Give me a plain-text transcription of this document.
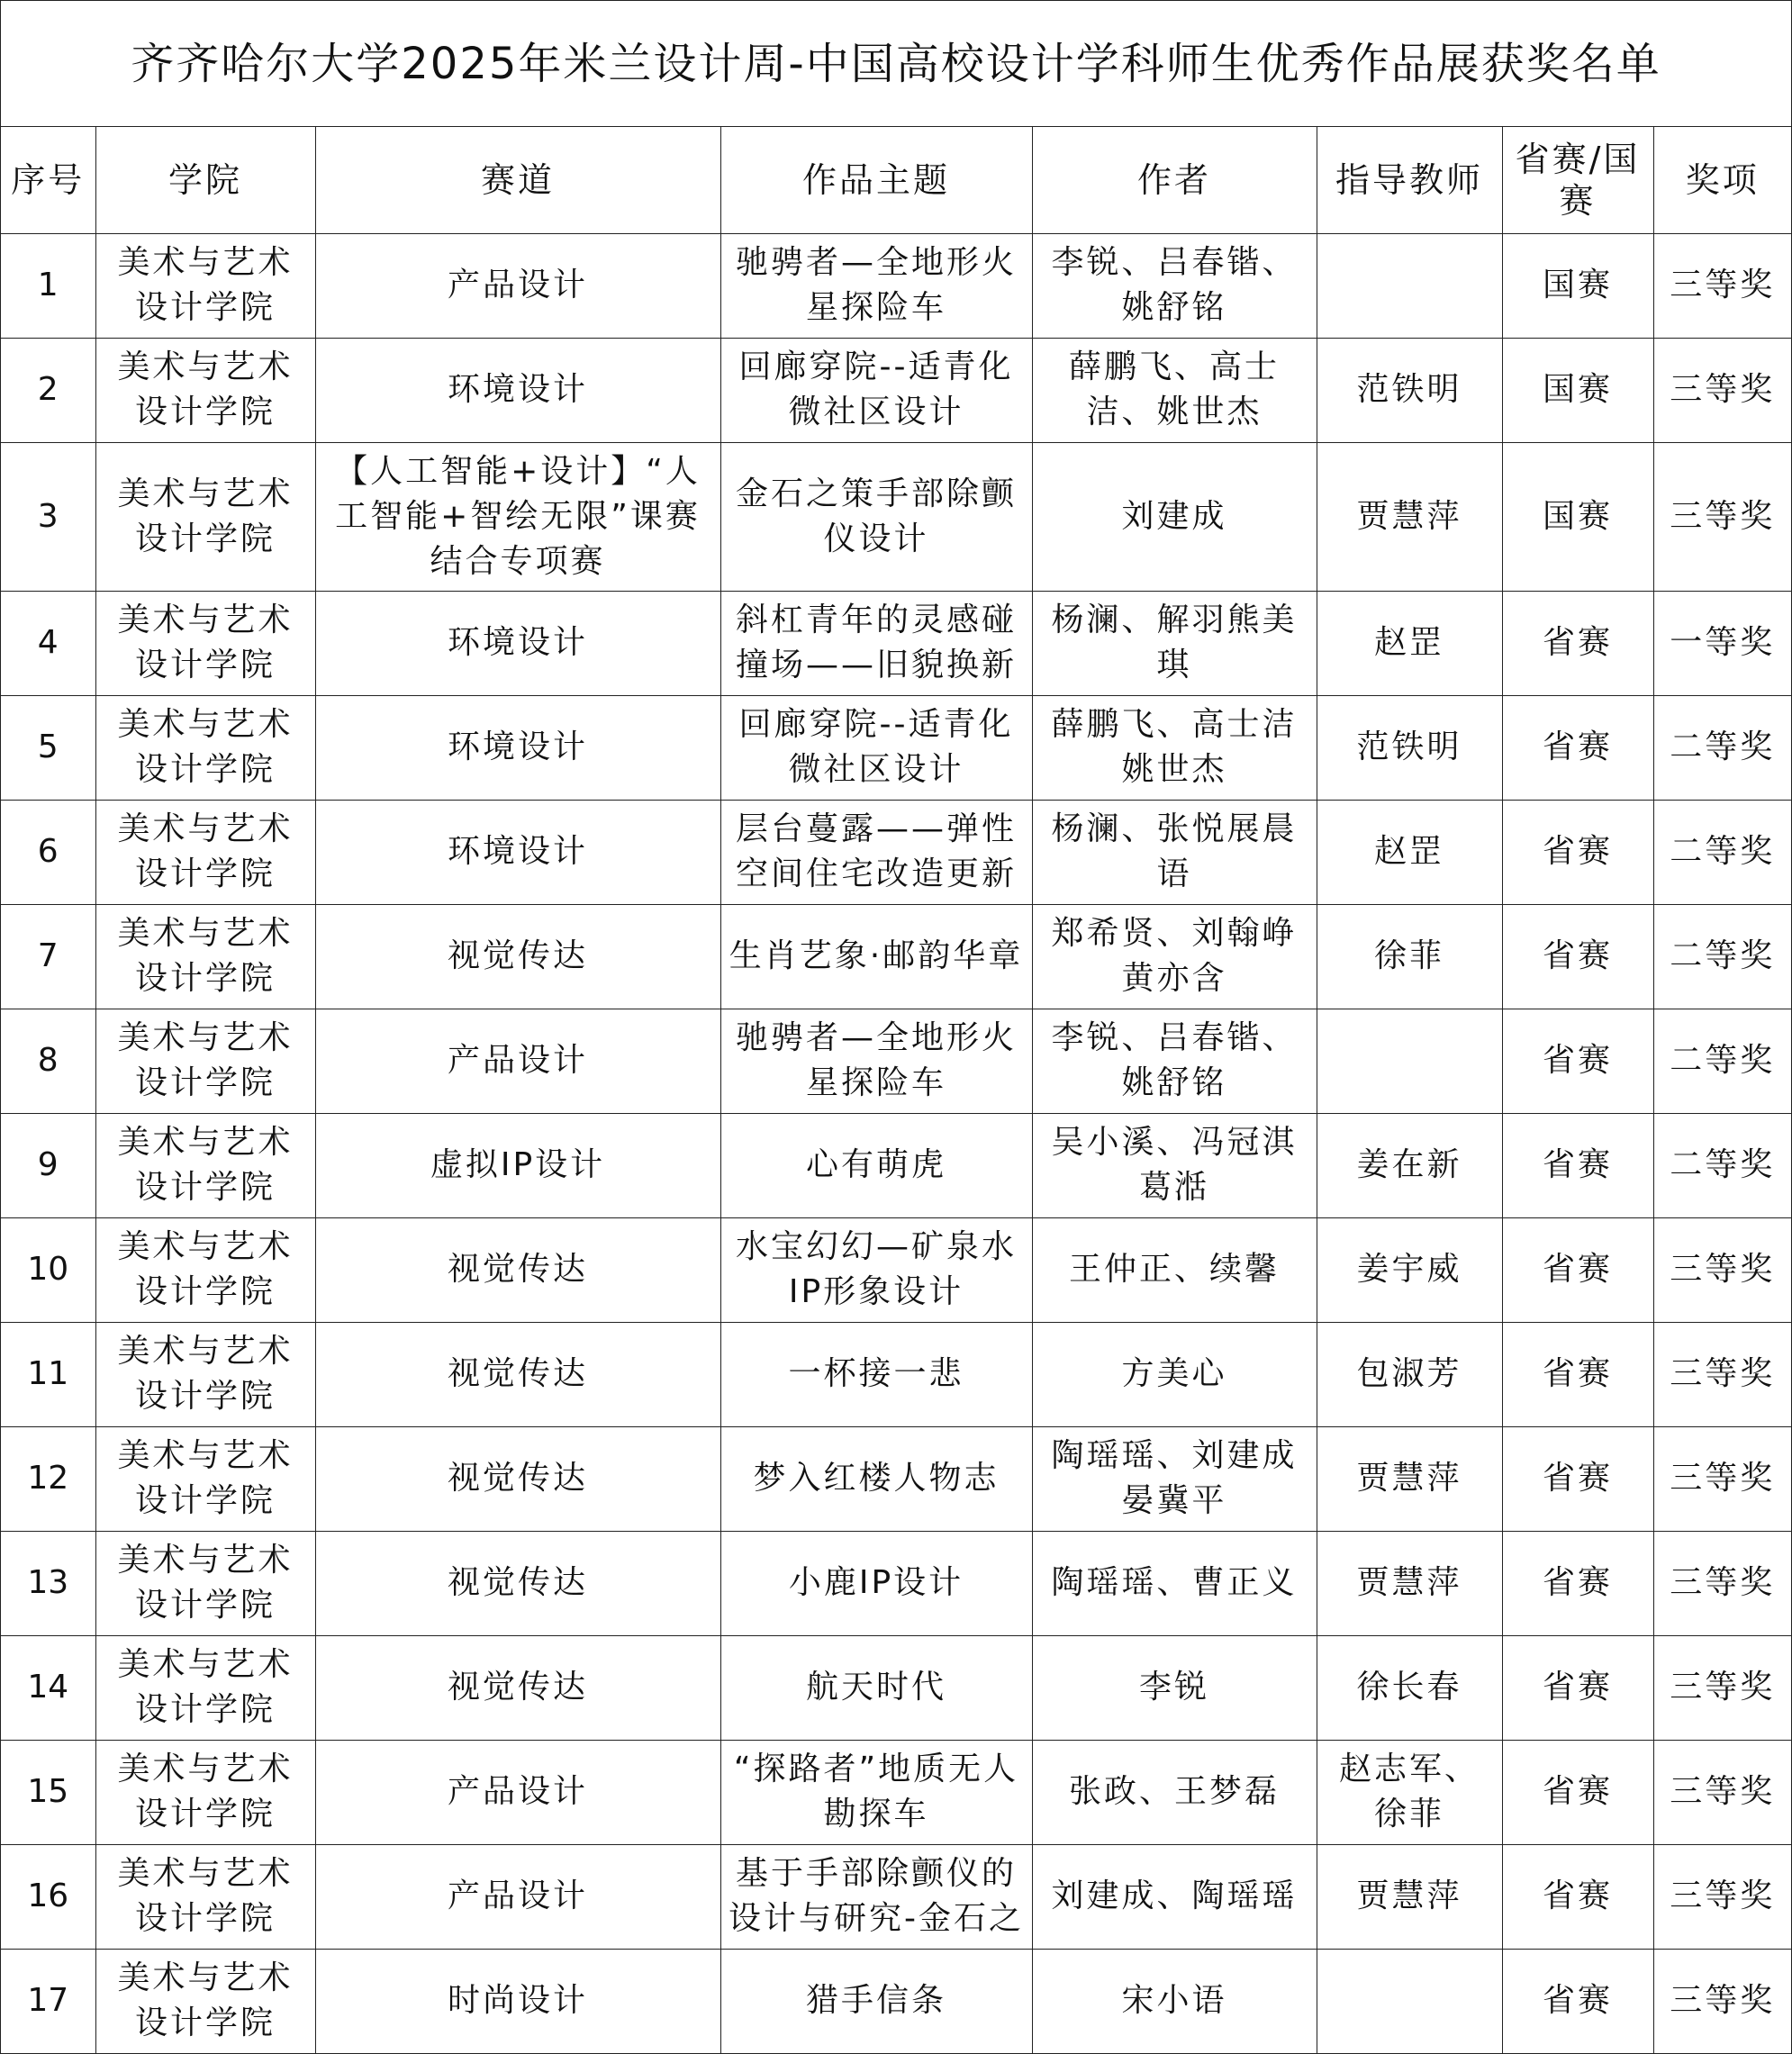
齐齐哈尔大学2025年米兰设计周-中国高校设计学科师生优秀作品展获奖名单
序号	学院	赛道	作品主题	作者	指导教师	省赛/国赛	奖项

1	美术与艺术设计学院	产品设计	驰骋者—全地形火星探险车	李锐、吕春锴、姚舒铭		国赛	三等奖

2	美术与艺术设计学院	环境设计	回廊穿院--适青化微社区设计	薛鹏飞、高士洁、姚世杰	范铁明	国赛	三等奖

3	美术与艺术设计学院	【人工智能+设计】“人工智能+智绘无限”课赛结合专项赛	金石之策手部除颤仪设计	刘建成	贾慧萍	国赛	三等奖

4	美术与艺术设计学院	环境设计	斜杠青年的灵感碰撞场——旧貌换新	杨澜、解羽熊美琪	赵罡	省赛	一等奖

5	美术与艺术设计学院	环境设计	回廊穿院--适青化微社区设计	薛鹏飞、高士洁姚世杰	范铁明	省赛	二等奖

6	美术与艺术设计学院	环境设计	层台蔓露——弹性空间住宅改造更新	杨澜、张悦展晨语	赵罡	省赛	二等奖

7	美术与艺术设计学院	视觉传达	生肖艺象·邮韵华章	郑希贤、刘翰峥黄亦含	徐菲	省赛	二等奖

8	美术与艺术设计学院	产品设计	驰骋者—全地形火星探险车	李锐、吕春锴、姚舒铭		省赛	二等奖

9	美术与艺术设计学院	虚拟IP设计	心有萌虎	吴小溪、冯冠淇葛湉	姜在新	省赛	二等奖

10	美术与艺术设计学院	视觉传达	水宝幻幻—矿泉水IP形象设计	王仲正、续馨	姜宇威	省赛	三等奖

11	美术与艺术设计学院	视觉传达	一杯接一悲	方美心	包淑芳	省赛	三等奖

12	美术与艺术设计学院	视觉传达	梦入红楼人物志	陶瑶瑶、刘建成晏冀平	贾慧萍	省赛	三等奖

13	美术与艺术设计学院	视觉传达	小鹿IP设计	陶瑶瑶、曹正义	贾慧萍	省赛	三等奖

14	美术与艺术设计学院	视觉传达	航天时代	李锐	徐长春	省赛	三等奖

15	美术与艺术设计学院	产品设计	“探路者”地质无人勘探车	张政、王梦磊	赵志军、徐菲	省赛	三等奖

16	美术与艺术设计学院	产品设计	基于手部除颤仪的设计与研究-金石之	刘建成、陶瑶瑶	贾慧萍	省赛	三等奖

17	美术与艺术设计学院	时尚设计	猎手信条	宋小语		省赛	三等奖
